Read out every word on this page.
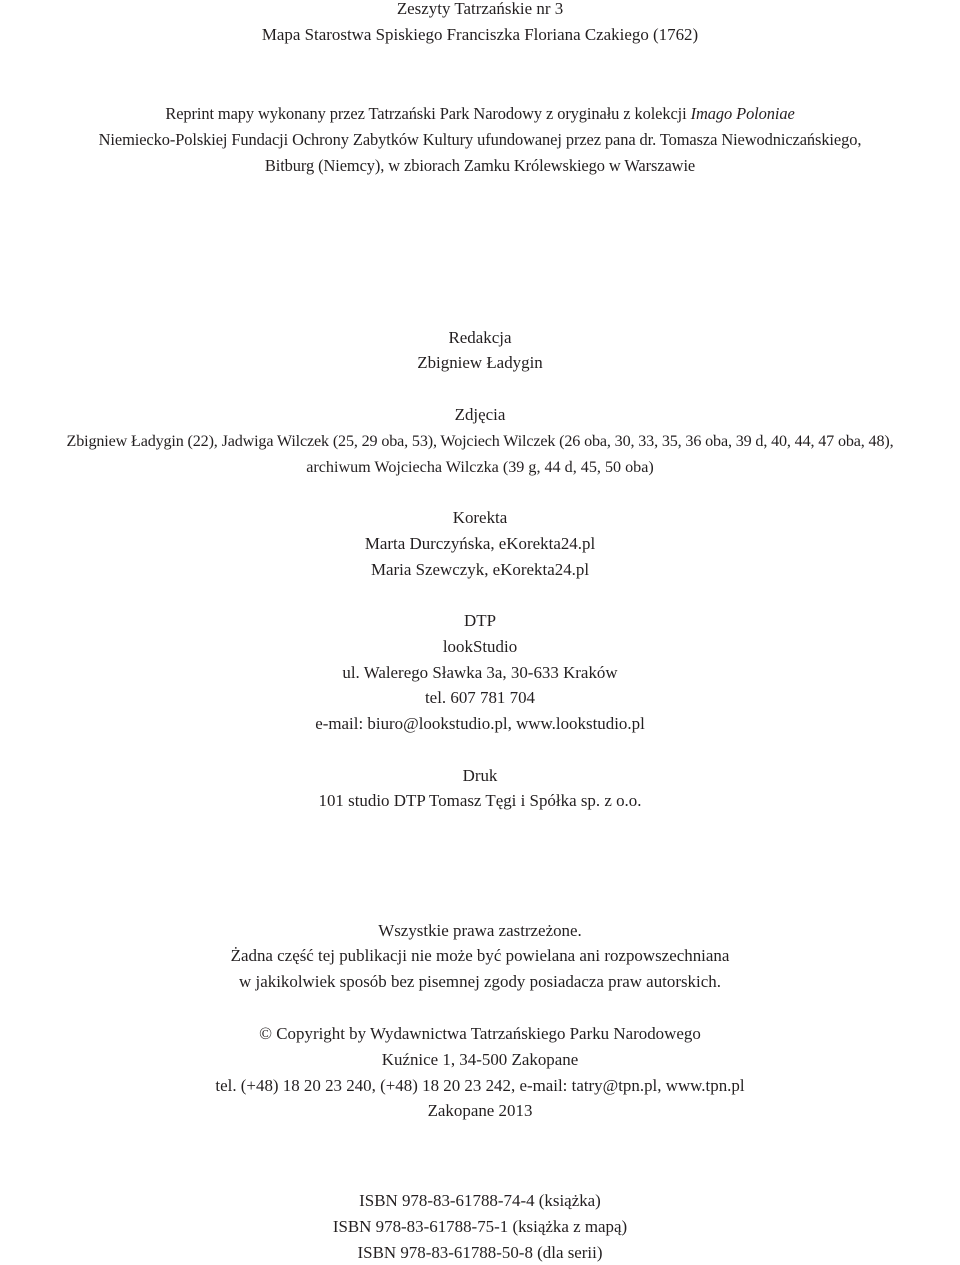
Zeszyty Tatrzańskie nr 3

Mapa Starostwa Spiskiego Franciszka Floriana Czakiego (1762)

Reprint mapy wykonany przez Tatrzański Park Narodowy z oryginału z kolekcji Imago Poloniae

Niemiecko-Polskiej Fundacji Ochrony Zabytków Kultury ufundowanej przez pana dr. Tomasza Niewodniczańskiego,

Bitburg (Niemcy), w zbiorach Zamku Królewskiego w Warszawie

Redakcja

Zbigniew Ładygin

Zdjęcia

Zbigniew Ładygin (22), Jadwiga Wilczek (25, 29 oba, 53), Wojciech Wilczek (26 oba, 30, 33, 35, 36 oba, 39 d, 40, 44, 47 oba, 48),

archiwum Wojciecha Wilczka (39 g, 44 d, 45, 50 oba)

Korekta

Marta Durczyńska, eKorekta24.pl

Maria Szewczyk, eKorekta24.pl

DTP

lookStudio

ul. Walerego Sławka 3a, 30-633 Kraków

tel. 607 781 704

e-mail: biuro@lookstudio.pl, www.lookstudio.pl

Druk

101 studio DTP Tomasz Tęgi i Spółka sp. z o.o.

Wszystkie prawa zastrzeżone.

Żadna część tej publikacji nie może być powielana ani rozpowszechniana

w jakikolwiek sposób bez pisemnej zgody posiadacza praw autorskich.

© Copyright by Wydawnictwa Tatrzańskiego Parku Narodowego

Kuźnice 1, 34-500 Zakopane

tel. (+48) 18 20 23 240, (+48) 18 20 23 242, e-mail: tatry@tpn.pl, www.tpn.pl

Zakopane 2013

ISBN 978-83-61788-74-4 (książka)

ISBN 978-83-61788-75-1 (książka z mapą)

ISBN 978-83-61788-50-8 (dla serii)
